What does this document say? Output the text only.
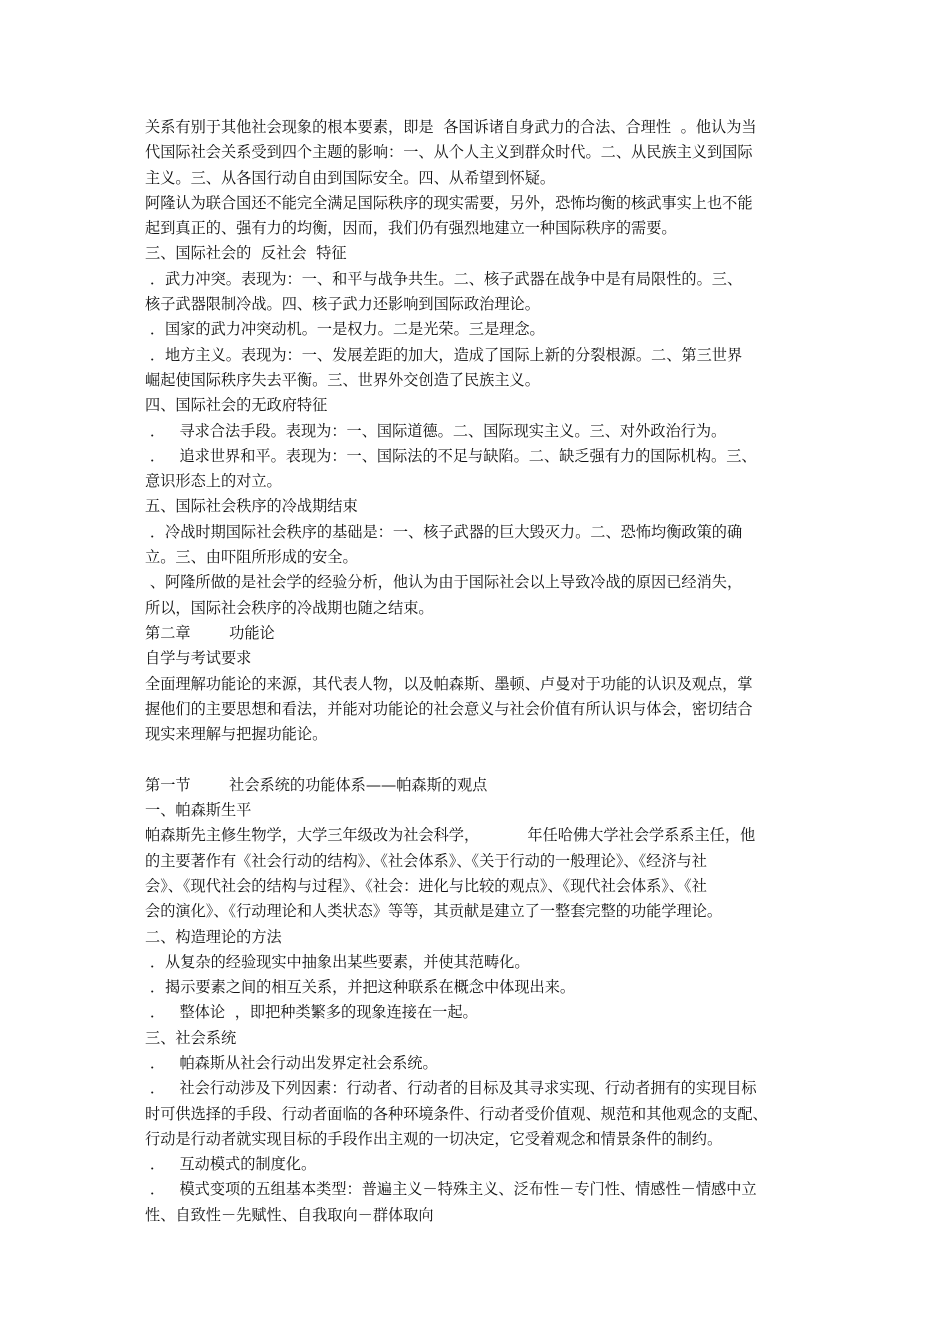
关系有别于其他社会现象的根本要素，即是  各国诉诸自身武力的合法、合理性  。他认为当
代国际社会关系受到四个主题的影响：一、从个人主义到群众时代。二、从民族主义到国际
主义。三、从各国行动自由到国际安全。四、从希望到怀疑。
阿隆认为联合国还不能完全满足国际秩序的现实需要，另外，恐怖均衡的核武事实上也不能
起到真正的、强有力的均衡，因而，我们仍有强烈地建立一种国际秩序的需要。
三、国际社会的  反社会  特征
．武力冲突。表现为：一、和平与战争共生。二、核子武器在战争中是有局限性的。三、
核子武器限制冷战。四、核子武力还影响到国际政治理论。
．国家的武力冲突动机。一是权力。二是光荣。三是理念。
．地方主义。表现为：一、发展差距的加大，造成了国际上新的分裂根源。二、第三世界
崛起使国际秩序失去平衡。三、世界外交创造了民族主义。
四、国际社会的无政府特征
．   寻求合法手段。表现为：一、国际道德。二、国际现实主义。三、对外政治行为。
．   追求世界和平。表现为：一、国际法的不足与缺陷。二、缺乏强有力的国际机构。三、
意识形态上的对立。
五、国际社会秩序的冷战期结束
．冷战时期国际社会秩序的基础是：一、核子武器的巨大毁灭力。二、恐怖均衡政策的确
立。三、由吓阻所形成的安全。
、阿隆所做的是社会学的经验分析，他认为由于国际社会以上导致冷战的原因已经消失，
所以，国际社会秩序的冷战期也随之结束。
第二章        功能论
自学与考试要求
全面理解功能论的来源，其代表人物，以及帕森斯、墨顿、卢曼对于功能的认识及观点，掌
握他们的主要思想和看法，并能对功能论的社会意义与社会价值有所认识与体会，密切结合
现实来理解与把握功能论。
第一节        社会系统的功能体系——帕森斯的观点
一、帕森斯生平
帕森斯先主修生物学，大学三年级改为社会科学，          年任哈佛大学社会学系系主任，他
的主要著作有《社会行动的结构》、《社会体系》、《关于行动的一般理论》、《经济与社
会》、《现代社会的结构与过程》、《社会：进化与比较的观点》、《现代社会体系》、《社
会的演化》、《行动理论和人类状态》等等，其贡献是建立了一整套完整的功能学理论。
二、构造理论的方法
．从复杂的经验现实中抽象出某些要素，并使其范畴化。
．揭示要素之间的相互关系，并把这种联系在概念中体现出来。
．   整体论  ，即把种类繁多的现象连接在一起。
三、社会系统
．   帕森斯从社会行动出发界定社会系统。
．   社会行动涉及下列因素：行动者、行动者的目标及其寻求实现、行动者拥有的实现目标
时可供选择的手段、行动者面临的各种环境条件、行动者受价值观、规范和其他观念的支配、
行动是行动者就实现目标的手段作出主观的一切决定，它受着观念和情景条件的制约。
．   互动模式的制度化。
．   模式变项的五组基本类型：普遍主义－特殊主义、泛布性－专门性、情感性－情感中立
性、自致性－先赋性、自我取向－群体取向
